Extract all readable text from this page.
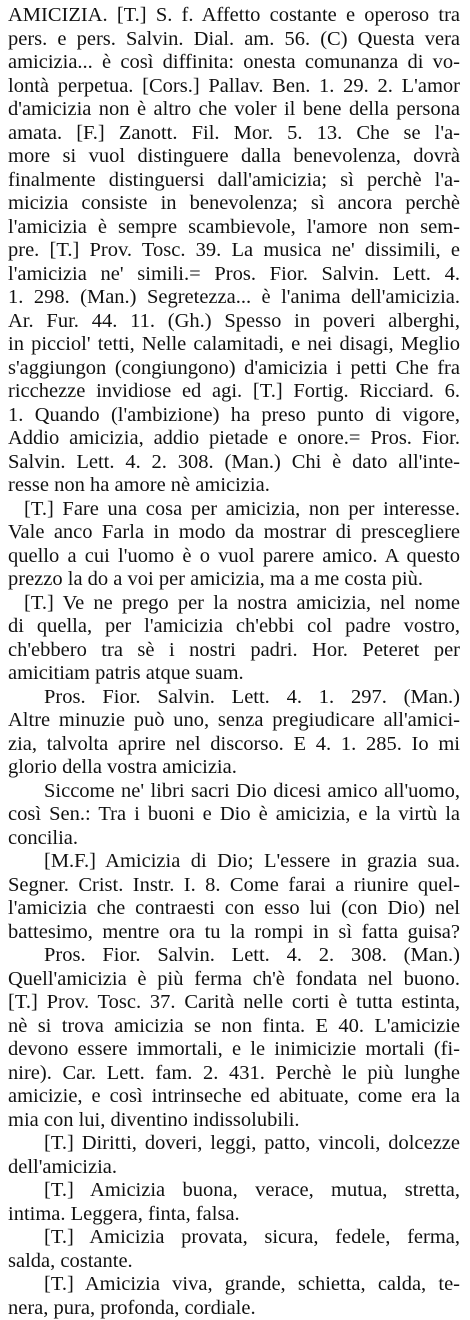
AMICIZIA. [T.] S. f. Affetto costante e operoso tra
pers. e pers. Salvin. Dial. am. 56. (C) Questa vera
amicizia... è così diffinita: onesta comunanza di vo-
lontà perpetua. [Cors.] Pallav. Ben. 1. 29. 2. L'amor
d'amicizia non è altro che voler il bene della persona
amata. [F.] Zanott. Fil. Mor. 5. 13. Che se l'a-
more si vuol distinguere dalla benevolenza, dovrà
finalmente distinguersi dall'amicizia; sì perchè l'a-
micizia consiste in benevolenza; sì ancora perchè
l'amicizia è sempre scambievole, l'amore non sem-
pre. [T.] Prov. Tosc. 39. La musica ne' dissimili, e
l'amicizia ne' simili.= Pros. Fior. Salvin. Lett. 4.
1. 298. (Man.) Segretezza... è l'anima dell'amicizia.
Ar. Fur. 44. 11. (Gh.) Spesso in poveri alberghi,
in picciol' tetti, Nelle calamitadi, e nei disagi, Meglio
s'aggiungon (congiungono) d'amicizia i petti Che fra
ricchezze invidiose ed agi. [T.] Fortig. Ricciard. 6.
1. Quando (l'ambizione) ha preso punto di vigore,
Addio amicizia, addio pietade e onore.= Pros. Fior.
Salvin. Lett. 4. 2. 308. (Man.) Chi è dato all'inte-
resse non ha amore nè amicizia.
[T.] Fare una cosa per amicizia, non per interesse.
Vale anco Farla in modo da mostrar di prescegliere
quello a cui l'uomo è o vuol parere amico. A questo
prezzo la do a voi per amicizia, ma a me costa più.
[T.] Ve ne prego per la nostra amicizia, nel nome
di quella, per l'amicizia ch'ebbi col padre vostro,
ch'ebbero tra sè i nostri padri. Hor. Peteret per
amicitiam patris atque suam.
Pros. Fior. Salvin. Lett. 4. 1. 297. (Man.)
Altre minuzie può uno, senza pregiudicare all'amici-
zia, talvolta aprire nel discorso. E 4. 1. 285. Io mi
glorio della vostra amicizia.
Siccome ne' libri sacri Dio dicesi amico all'uomo,
così Sen.: Tra i buoni e Dio è amicizia, e la virtù la
concilia.
[M.F.] Amicizia di Dio; L'essere in grazia sua.
Segner. Crist. Instr. I. 8. Come farai a riunire quel-
l'amicizia che contraesti con esso lui (con Dio) nel
battesimo, mentre ora tu la rompi in sì fatta guisa?
Pros. Fior. Salvin. Lett. 4. 2. 308. (Man.)
Quell'amicizia è più ferma ch'è fondata nel buono.
[T.] Prov. Tosc. 37. Carità nelle corti è tutta estinta,
nè si trova amicizia se non finta. E 40. L'amicizie
devono essere immortali, e le inimicizie mortali (fi-
nire). Car. Lett. fam. 2. 431. Perchè le più lunghe
amicizie, e così intrinseche ed abituate, come era la
mia con lui, diventino indissolubili.
[T.] Diritti, doveri, leggi, patto, vincoli, dolcezze
dell'amicizia.
[T.] Amicizia buona, verace, mutua, stretta,
intima. Leggera, finta, falsa.
[T.] Amicizia provata, sicura, fedele, ferma,
salda, costante.
[T.] Amicizia viva, grande, schietta, calda, te-
nera, pura, profonda, cordiale.
